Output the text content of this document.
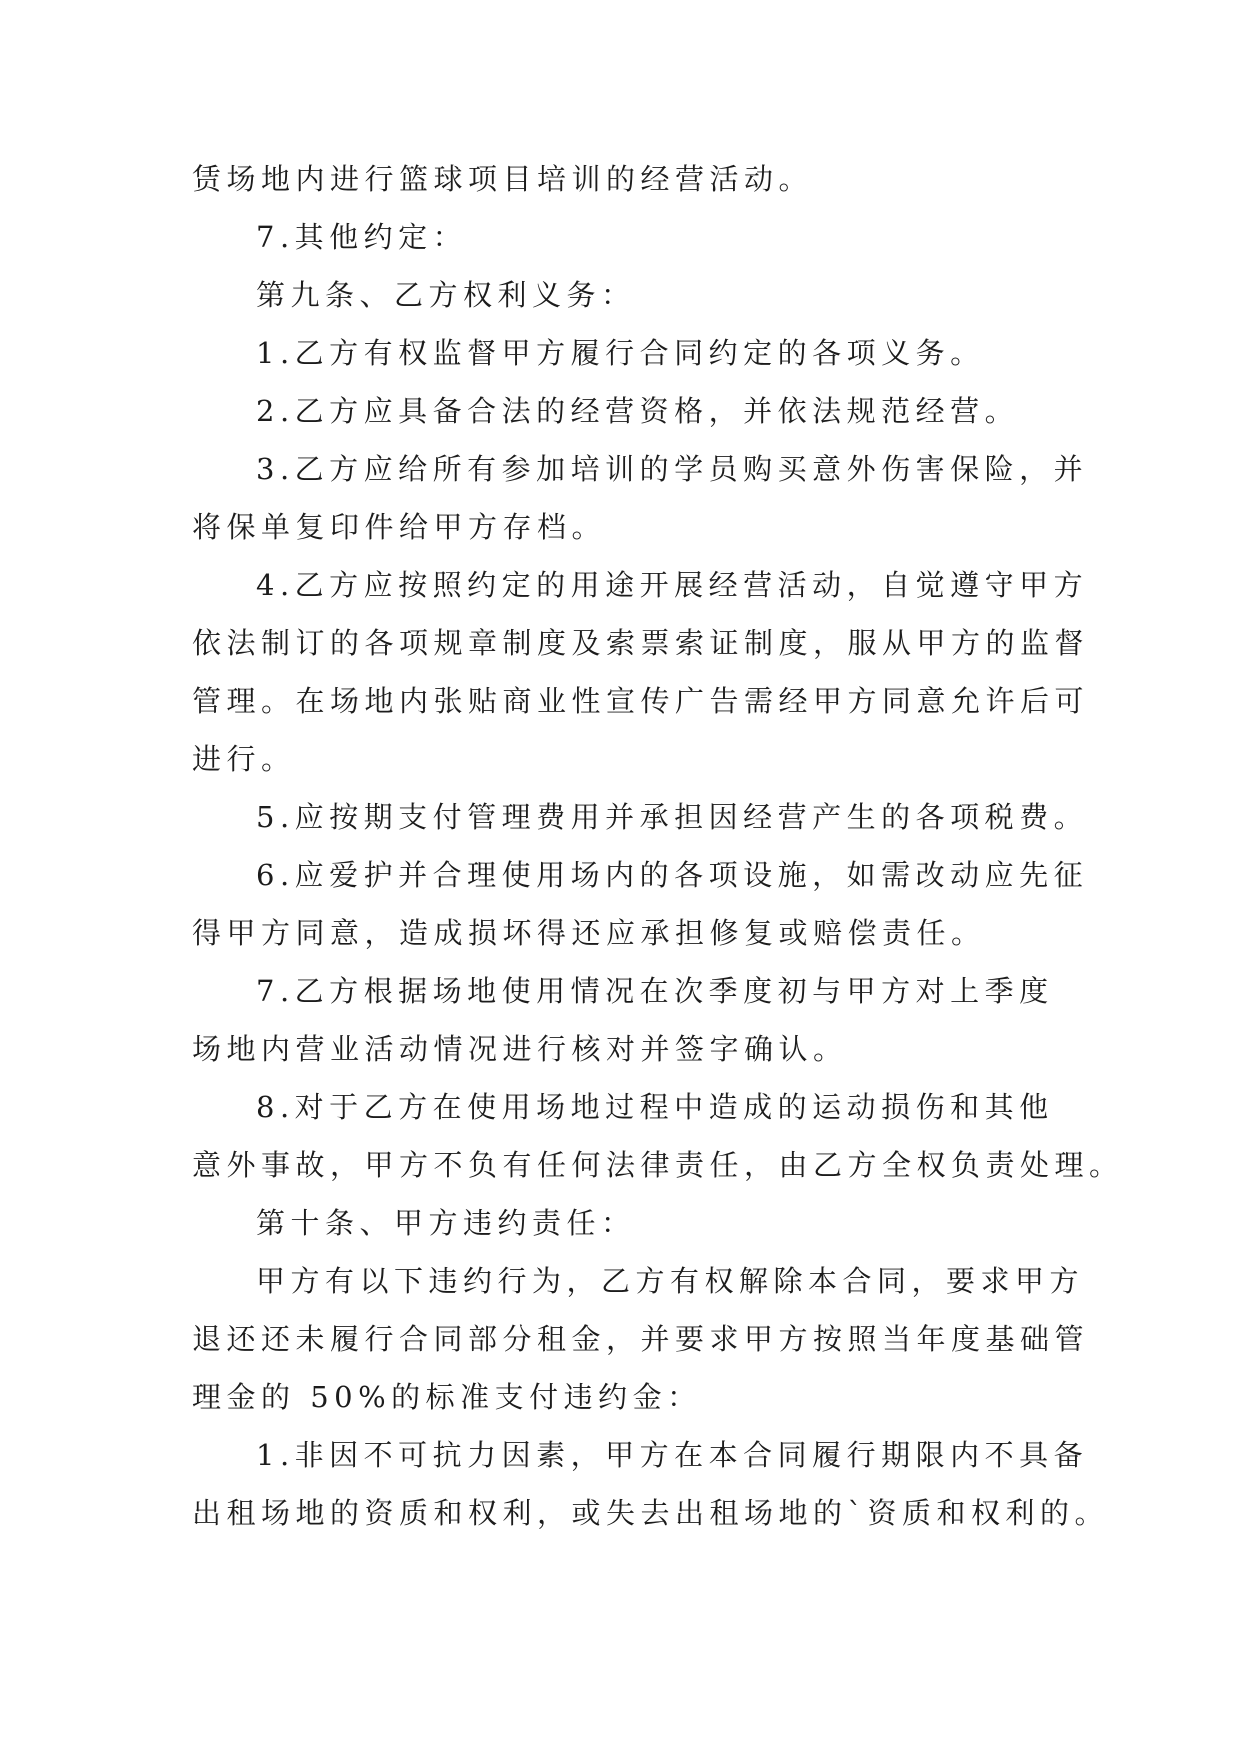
赁场地内进行篮球项目培训的经营活动。
7.其他约定：
第九条、乙方权利义务：
1.乙方有权监督甲方履行合同约定的各项义务。
2.乙方应具备合法的经营资格，并依法规范经营。
3.乙方应给所有参加培训的学员购买意外伤害保险，并
将保单复印件给甲方存档。
4.乙方应按照约定的用途开展经营活动，自觉遵守甲方
依法制订的各项规章制度及索票索证制度，服从甲方的监督
管理。在场地内张贴商业性宣传广告需经甲方同意允许后可
进行。
5.应按期支付管理费用并承担因经营产生的各项税费。
6.应爱护并合理使用场内的各项设施，如需改动应先征
得甲方同意，造成损坏得还应承担修复或赔偿责任。
7.乙方根据场地使用情况在次季度初与甲方对上季度
场地内营业活动情况进行核对并签字确认。
8.对于乙方在使用场地过程中造成的运动损伤和其他
意外事故，甲方不负有任何法律责任，由乙方全权负责处理。
第十条、甲方违约责任：
甲方有以下违约行为，乙方有权解除本合同，要求甲方
退还还未履行合同部分租金，并要求甲方按照当年度基础管
理金的 50%的标准支付违约金：
1.非因不可抗力因素，甲方在本合同履行期限内不具备
出租场地的资质和权利，或失去出租场地的`资质和权利的。
